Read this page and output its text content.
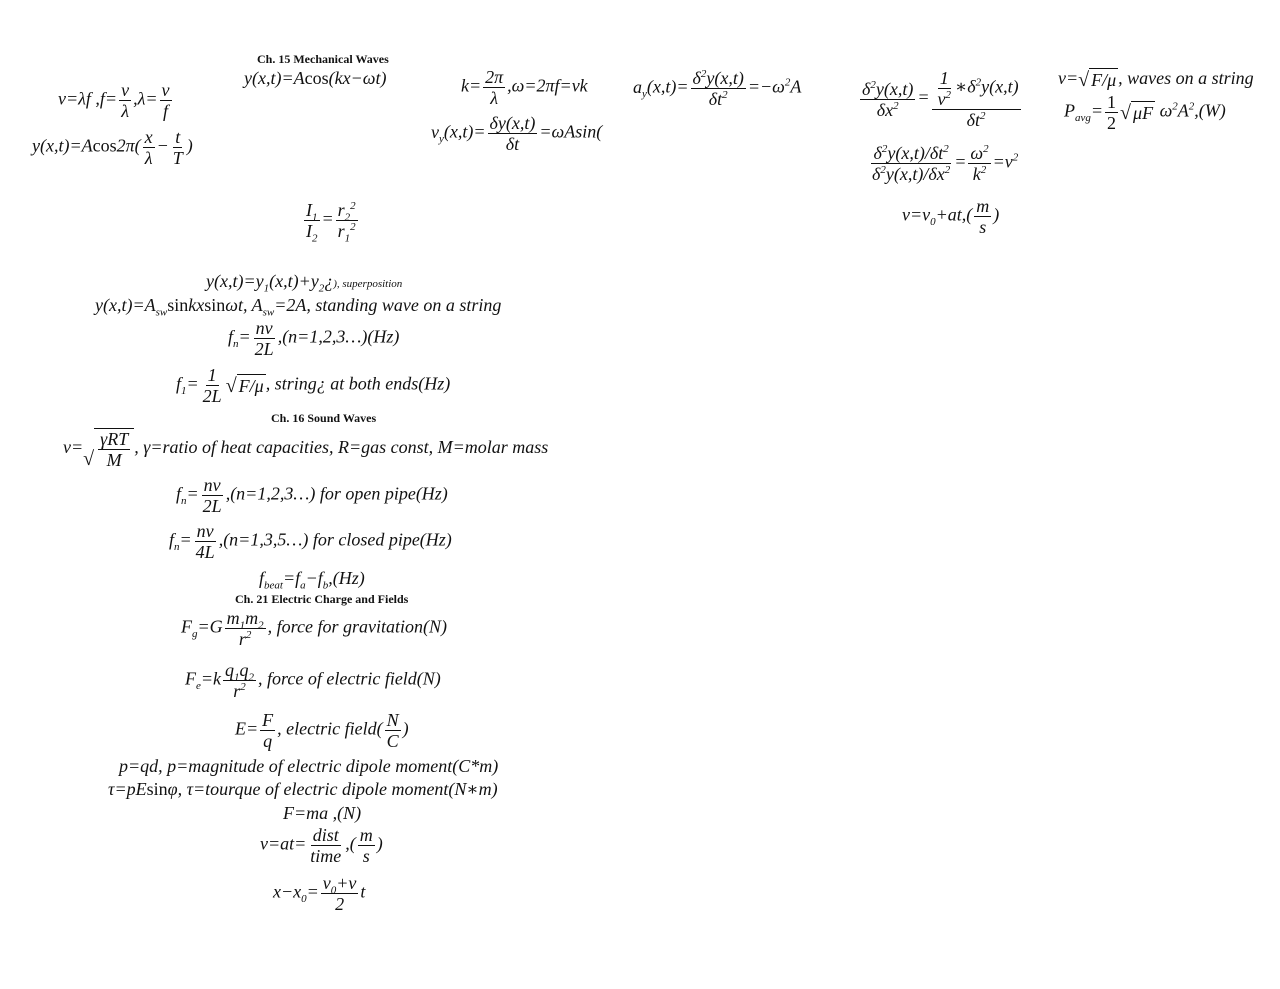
Ch. 15 Mechanical Waves
v=λf $,f= \frac{v}{\lambda} ,\lambda= \frac{v}{f}$
y(x,t)=Acos(kx−ωt)	$k= \frac{2\pi}{\lambda} ,\omega=2\pi f=vk$	$a_y(x,t)= \frac{\delta^2y(x,t)}{\delta t^2} =-\omega^2A$
$v_y(x,t)= \frac{\delta y(x,t)}{\delta t} =\omega Asin$(
$y(x,t)=Acos2\pi( \frac{x}{\lambda} - \frac{t}{T}$ )
$\frac{\delta^2y(x,t)}{\delta x^2} = \frac{\frac{1}{v^2} ∗\delta^2y(x,t)}{\delta t^2} v=$ √ F/μ , waves on a string
$P_{avg}= \frac{1}{2}$ √ μF $\omega^2A^2,(W)$
$\frac{\delta^2y(x,t)/\delta t^2}{\delta^2y(x,t)/\delta x^2} = \frac{\omega^2}{k^2} =v^2$
$v=v_0+at,( \frac{m}{s}$ )
$\frac{I_1}{I_2} = \frac{r_2^2}{r_1^2}$
$y(x,t)=y_1(x,t)+y_2¿$), superposition
$y(x,t)=A_{sw}sinkxsin\omega t$, $A_{sw}=2A$, standing wave on a string
$f_n= \frac{nv}{2L}$ ,(n=1,2,3…)(Hz)
$f_1= \frac{1}{2L}$ √ F/μ , string¿ at both ends(Hz)
Ch. 16 Sound Waves
v=
√ $\frac{\text{γRT}}{M}$ , γ=ratio of heat capacities, R=gas const, M=molar mass
$f_n= \frac{nv}{2L}$ ,(n=1,2,3…) for open pipe(Hz)
$f_n= \frac{nv}{4L}$ ,(n=1,3,5…) for closed pipe(Hz)
$f_{beat}=f_a-f_b,(Hz)$
Ch. 21 Electric Charge and Fields
$F_g=G \frac{m_1m_2}{r^2}$ , force for gravitation(N)
$F_e=k \frac{q_1q_2}{r^2}$ , force of electric field(N)
$E= \frac{F}{q}$ , electric field( $\frac{N}{C}$ )
p=qd, p=magnitude of electric dipole moment(C*m)
τ=pEsinφ, τ=tourque of electric dipole moment(N∗m)
F=ma ,(N)
$v=at= \frac{\text{dist}}{\text{time}}$ ,( $\frac{m}{s}$ )
$x-x_0= \frac{v_0+v}{2}$ t
